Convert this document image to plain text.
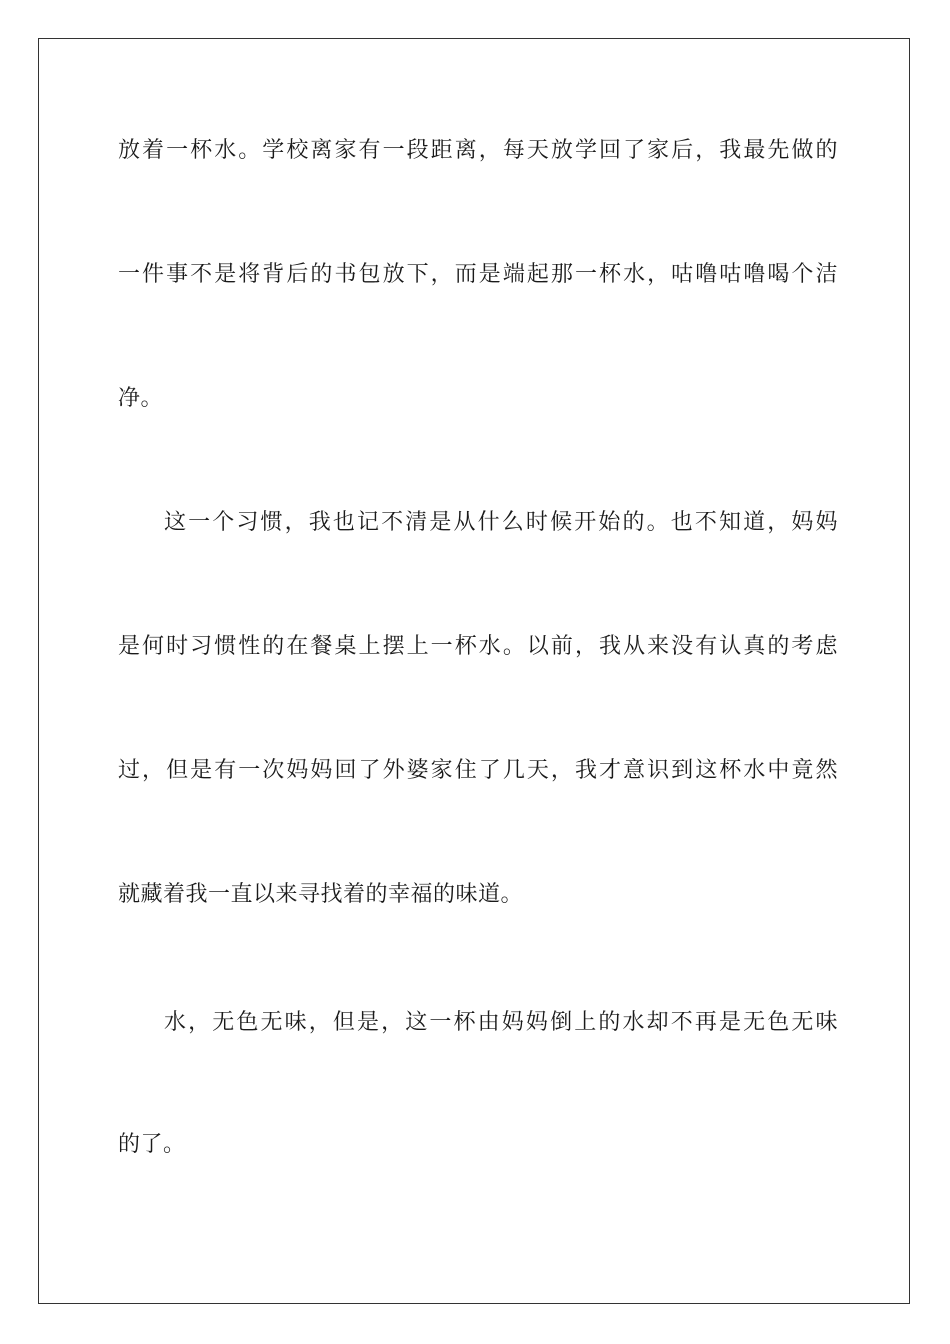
放着一杯水。学校离家有一段距离，每天放学回了家后，我最先做的
一件事不是将背后的书包放下，而是端起那一杯水，咕噜咕噜喝个洁
净。
这一个习惯，我也记不清是从什么时候开始的。也不知道，妈妈
是何时习惯性的在餐桌上摆上一杯水。以前，我从来没有认真的考虑
过，但是有一次妈妈回了外婆家住了几天，我才意识到这杯水中竟然
就藏着我一直以来寻找着的幸福的味道。
水，无色无味，但是，这一杯由妈妈倒上的水却不再是无色无味
的了。
